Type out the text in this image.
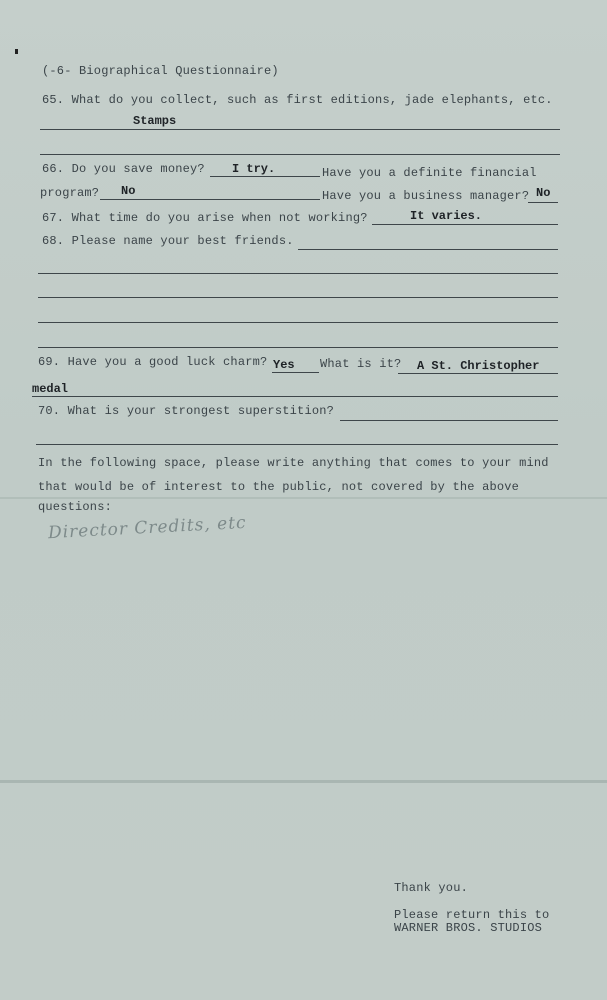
(-6- Biographical Questionnaire)
65. What do you collect, such as first editions, jade elephants, etc.
Stamps
66. Do you save money? I try.	Have you a definite financial
program? No	Have you a business manager? No
67. What time do you arise when not working?	It varies.
68. Please name your best friends.
69. Have you a good luck charm? Yes What is it? A St. Christopher
medal
70. What is your strongest superstition?
In the following space, please write anything that comes to your mind
that would be of interest to the public, not covered by the above
questions:
Director Credits, etc
Thank you.
Please return this to
WARNER BROS. STUDIOS
